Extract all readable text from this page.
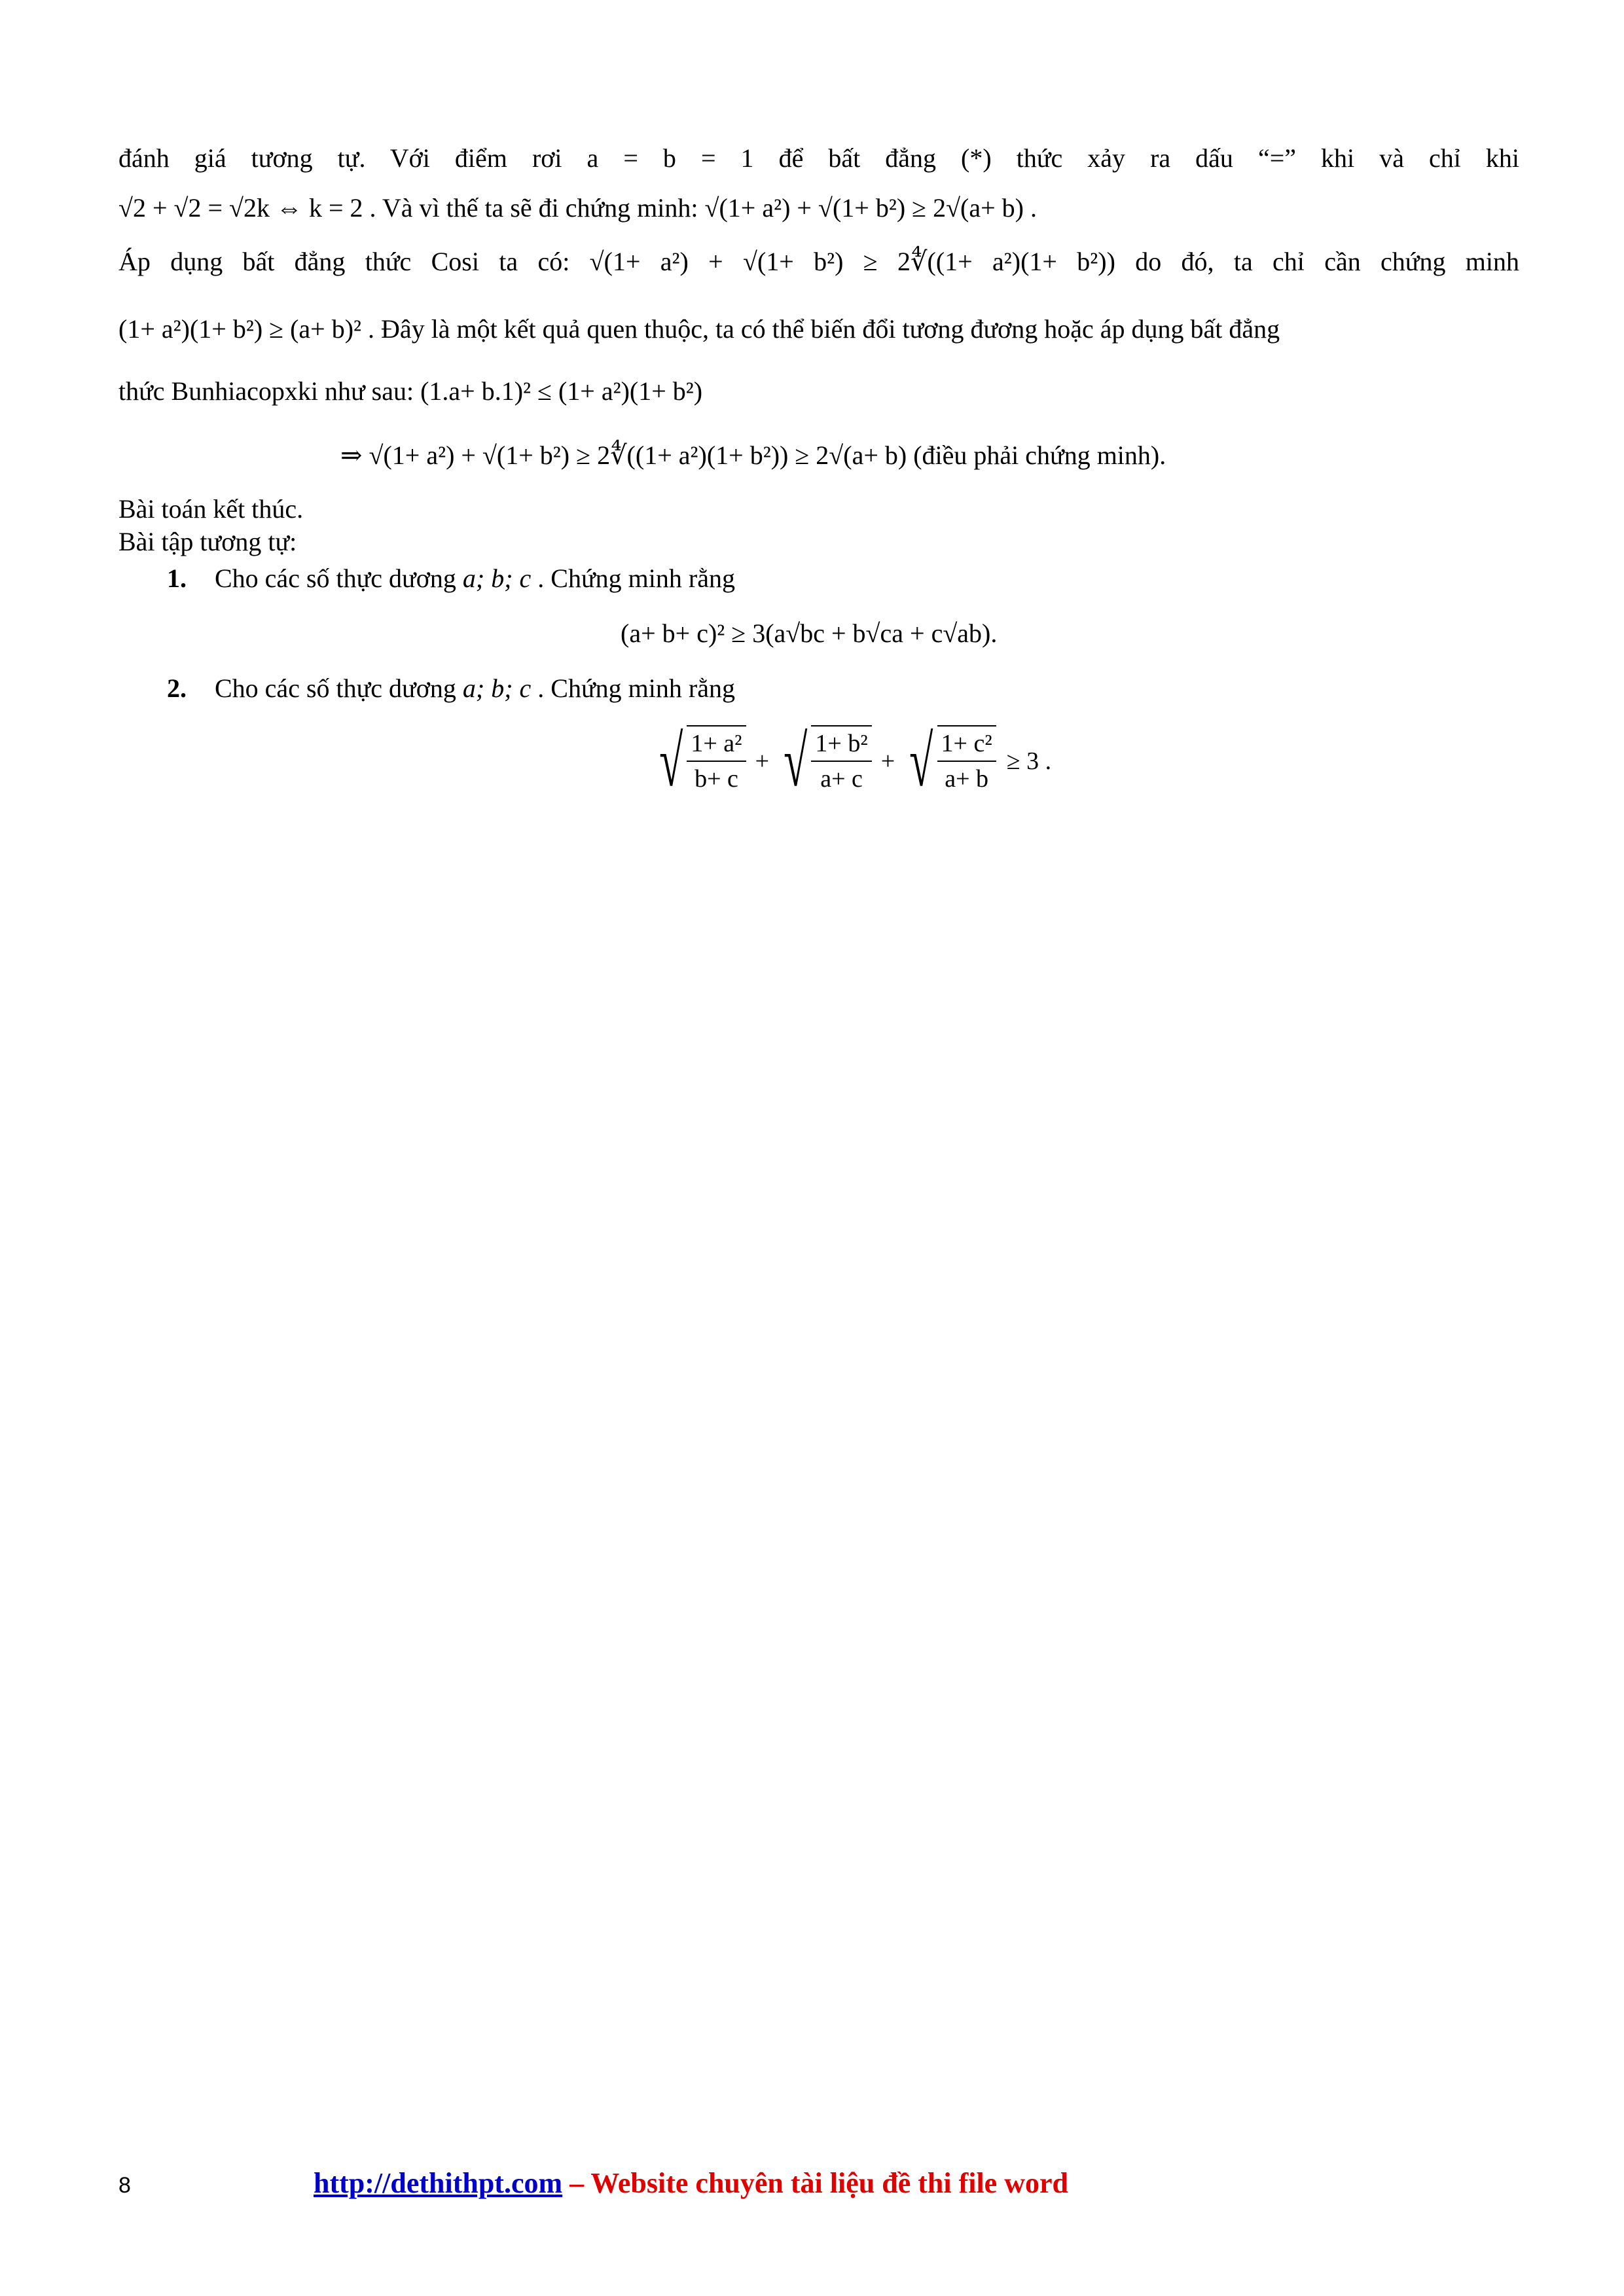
đánh giá tương tự. Với điểm rơi a = b = 1 để bất đẳng (*) thức xảy ra dấu “=” khi và chỉ khi
√2 + √2 = √2k ⇔ k = 2 . Và vì thế ta sẽ đi chứng minh: √(1+ a²) + √(1+ b²) ≥ 2√(a+ b) .
Áp dụng bất đẳng thức Cosi ta có: √(1+ a²) + √(1+ b²) ≥ 2∜((1+ a²)(1+ b²)) do đó, ta chỉ cần chứng minh
(1+ a²)(1+ b²) ≥ (a+ b)² . Đây là một kết quả quen thuộc, ta có thể biến đổi tương đương hoặc áp dụng bất đẳng
thức Bunhiacopxki như sau: (1.a+ b.1)² ≤ (1+ a²)(1+ b²)
⇒ √(1+ a²) + √(1+ b²) ≥ 2∜((1+ a²)(1+ b²)) ≥ 2√(a+ b) (điều phải chứng minh).
Bài toán kết thúc.
Bài tập tương tự:
1. Cho các số thực dương a; b; c . Chứng minh rằng
(a+ b+ c)² ≥ 3(a√bc + b√ca + c√ab).
2. Cho các số thực dương a; b; c . Chứng minh rằng
√ $\frac{\text{1+ a²}}{b+ c}$ + √ $\frac{\text{1+ b²}}{a+ c}$ + √ $\frac{\text{1+ c²}}{a+ b} \ge 3$ .
8	http://dethithpt.com – Website chuyên tài liệu đề thi file word
